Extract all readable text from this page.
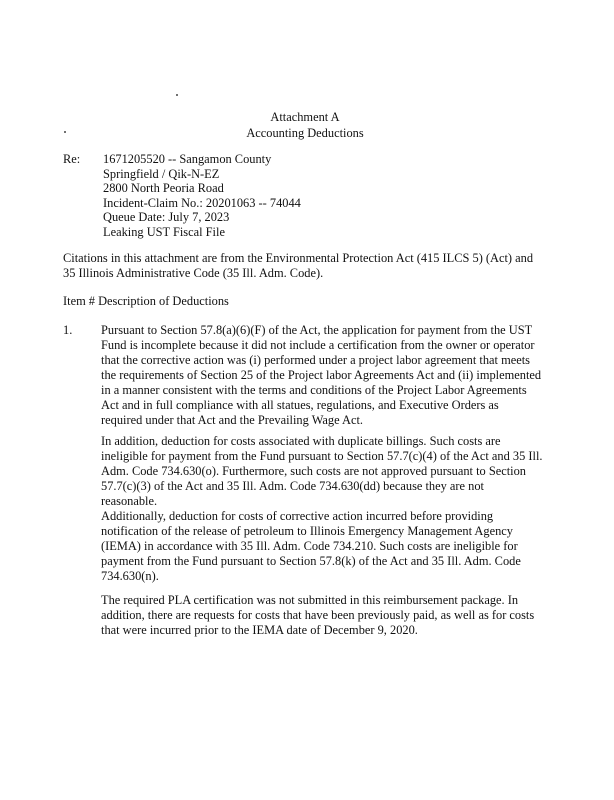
Attachment A
Accounting Deductions
Re: 1671205520 -- Sangamon County
Springfield / Qik-N-EZ
2800 North Peoria Road
Incident-Claim No.: 20201063 -- 74044
Queue Date: July 7, 2023
Leaking UST Fiscal File
Citations in this attachment are from the Environmental Protection Act (415 ILCS 5) (Act) and 35 Illinois Administrative Code (35 Ill. Adm. Code).
Item # Description of Deductions
1. Pursuant to Section 57.8(a)(6)(F) of the Act, the application for payment from the UST Fund is incomplete because it did not include a certification from the owner or operator that the corrective action was (i) performed under a project labor agreement that meets the requirements of Section 25 of the Project labor Agreements Act and (ii) implemented in a manner consistent with the terms and conditions of the Project Labor Agreements Act and in full compliance with all statues, regulations, and Executive Orders as required under that Act and the Prevailing Wage Act.
In addition, deduction for costs associated with duplicate billings. Such costs are ineligible for payment from the Fund pursuant to Section 57.7(c)(4) of the Act and 35 Ill. Adm. Code 734.630(o). Furthermore, such costs are not approved pursuant to Section 57.7(c)(3) of the Act and 35 Ill. Adm. Code 734.630(dd) because they are not reasonable.
Additionally, deduction for costs of corrective action incurred before providing notification of the release of petroleum to Illinois Emergency Management Agency (IEMA) in accordance with 35 Ill. Adm. Code 734.210. Such costs are ineligible for payment from the Fund pursuant to Section 57.8(k) of the Act and 35 Ill. Adm. Code 734.630(n).
The required PLA certification was not submitted in this reimbursement package. In addition, there are requests for costs that have been previously paid, as well as for costs that were incurred prior to the IEMA date of December 9, 2020.
